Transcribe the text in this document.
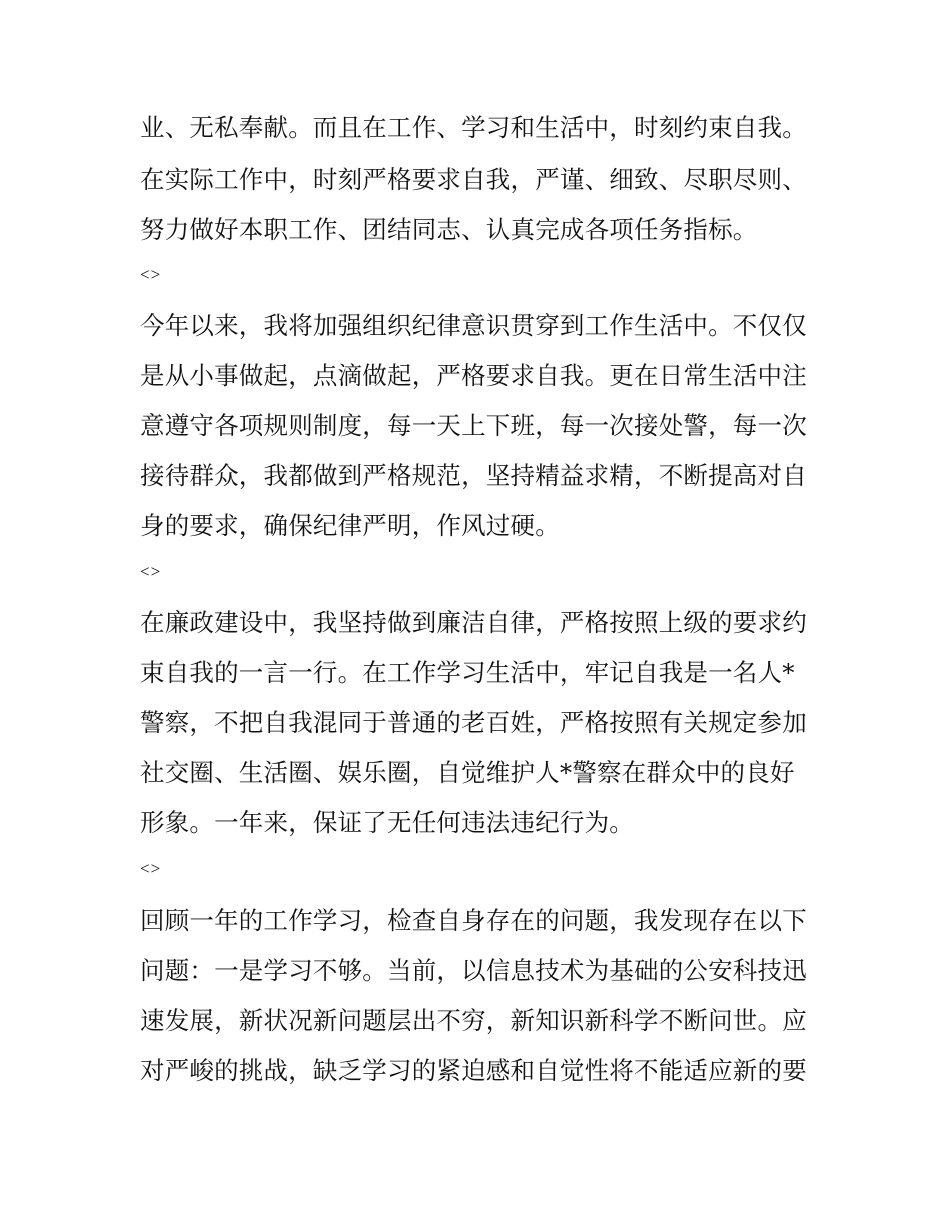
业、无私奉献。而且在工作、学习和生活中，时刻约束自我。
在实际工作中，时刻严格要求自我，严谨、细致、尽职尽则、
努力做好本职工作、团结同志、认真完成各项任务指标。
<>
今年以来，我将加强组织纪律意识贯穿到工作生活中。不仅仅
是从小事做起，点滴做起，严格要求自我。更在日常生活中注
意遵守各项规则制度，每一天上下班，每一次接处警，每一次
接待群众，我都做到严格规范，坚持精益求精，不断提高对自
身的要求，确保纪律严明，作风过硬。
<>
在廉政建设中，我坚持做到廉洁自律，严格按照上级的要求约
束自我的一言一行。在工作学习生活中，牢记自我是一名人*
警察，不把自我混同于普通的老百姓，严格按照有关规定参加
社交圈、生活圈、娱乐圈，自觉维护人*警察在群众中的良好
形象。一年来，保证了无任何违法违纪行为。
<>
回顾一年的工作学习，检查自身存在的问题，我发现存在以下
问题：一是学习不够。当前，以信息技术为基础的公安科技迅
速发展，新状况新问题层出不穷，新知识新科学不断问世。应
对严峻的挑战，缺乏学习的紧迫感和自觉性将不能适应新的要
